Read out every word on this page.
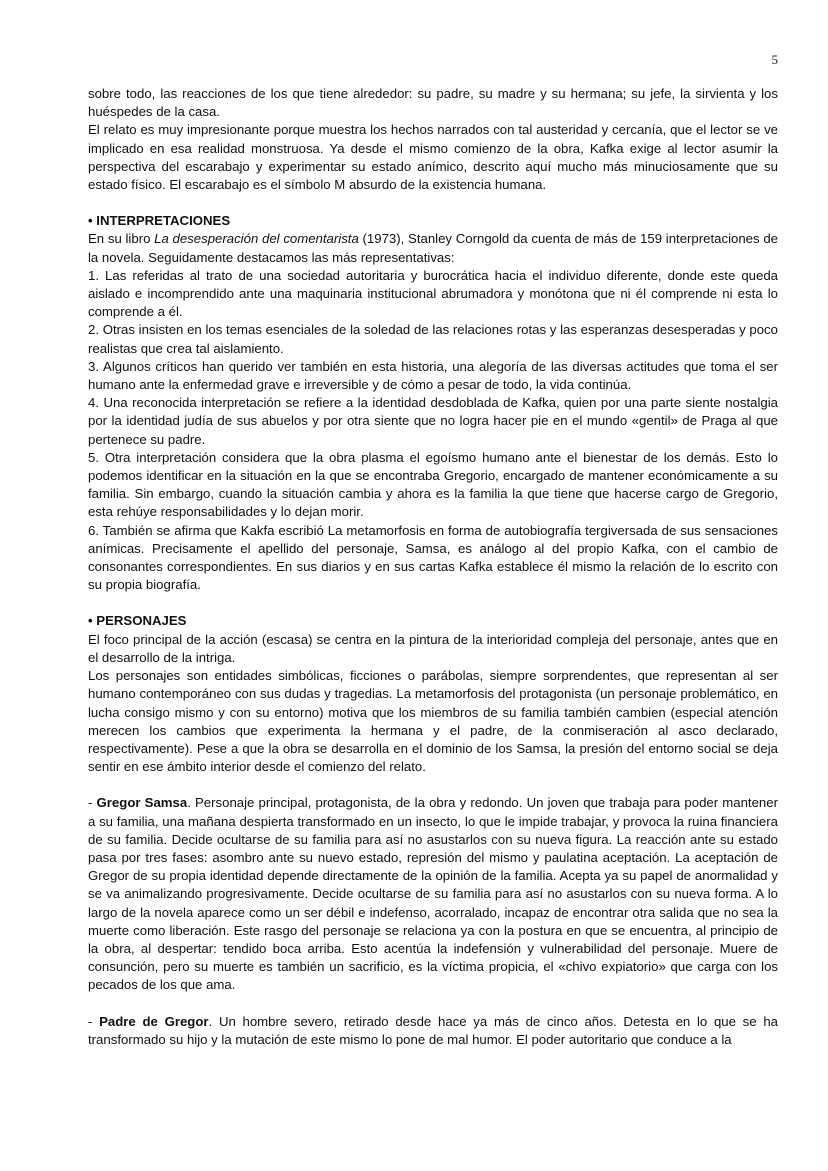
5

sobre todo, las reacciones de los que tiene alrededor: su padre, su madre y su hermana; su jefe, la sirvienta y los huéspedes de la casa.

El relato es muy impresionante porque muestra los hechos narrados con tal austeridad y cercanía, que el lector se ve implicado en esa realidad monstruosa. Ya desde el mismo comienzo de la obra, Kafka exige al lector asumir la perspectiva del escarabajo y experimentar su estado anímico, descrito aquí mucho más minuciosamente que su estado físico. El escarabajo es el símbolo M absurdo de la existencia humana.

• INTERPRETACIONES

En su libro La desesperación del comentarista (1973), Stanley Corngold da cuenta de más de 159 interpretaciones de la novela. Seguidamente destacamos las más representativas:

1. Las referidas al trato de una sociedad autoritaria y burocrática hacia el individuo diferente, donde este queda aislado e incomprendido ante una maquinaria institucional abrumadora y monótona que ni él comprende ni esta lo comprende a él.

2. Otras insisten en los temas esenciales de la soledad de las relaciones rotas y las esperanzas desesperadas y poco realistas que crea tal aislamiento.

3. Algunos críticos han querido ver también en esta historia, una alegoría de las diversas actitudes que toma el ser humano ante la enfermedad grave e irreversible y de cómo a pesar de todo, la vida continúa.

4. Una reconocida interpretación se refiere a la identidad desdoblada de Kafka, quien por una parte siente nostalgia por la identidad judía de sus abuelos y por otra siente que no logra hacer pie en el mundo «gentil» de Praga al que pertenece su padre.

5. Otra interpretación considera que la obra plasma el egoísmo humano ante el bienestar de los demás. Esto lo podemos identificar en la situación en la que se encontraba Gregorio, encargado de mantener económicamente a su familia. Sin embargo, cuando la situación cambia y ahora es la familia la que tiene que hacerse cargo de Gregorio, esta rehúye responsabilidades y lo dejan morir.

6. También se afirma que Kakfa escribió La metamorfosis en forma de autobiografía tergiversada de sus sensaciones anímicas. Precisamente el apellido del personaje, Samsa, es análogo al del propio Kafka, con el cambio de consonantes correspondientes. En sus diarios y en sus cartas Kafka establece él mismo la relación de lo escrito con su propia biografía.

• PERSONAJES

El foco principal de la acción (escasa) se centra en la pintura de la interioridad compleja del personaje, antes que en el desarrollo de la intriga.

Los personajes son entidades simbólicas, ficciones o parábolas, siempre sorprendentes, que representan al ser humano contemporáneo con sus dudas y tragedias. La metamorfosis del protagonista (un personaje problemático, en lucha consigo mismo y con su entorno) motiva que los miembros de su familia también cambien (especial atención merecen los cambios que experimenta la hermana y el padre, de la conmiseración al asco declarado, respectivamente). Pese a que la obra se desarrolla en el dominio de los Samsa, la presión del entorno social se deja sentir en ese ámbito interior desde el comienzo del relato.

- Gregor Samsa. Personaje principal, protagonista, de la obra y redondo. Un joven que trabaja para poder mantener a su familia, una mañana despierta transformado en un insecto, lo que le impide trabajar, y provoca la ruina financiera de su familia. Decide ocultarse de su familia para así no asustarlos con su nueva figura. La reacción ante su estado pasa por tres fases: asombro ante su nuevo estado, represión del mismo y paulatina aceptación. La aceptación de Gregor de su propia identidad depende directamente de la opinión de la familia. Acepta ya su papel de anormalidad y se va animalizando progresivamente. Decide ocultarse de su familia para así no asustarlos con su nueva forma. A lo largo de la novela aparece como un ser débil e indefenso, acorralado, incapaz de encontrar otra salida que no sea la muerte como liberación. Este rasgo del personaje se relaciona ya con la postura en que se encuentra, al principio de la obra, al despertar: tendido boca arriba. Esto acentúa la indefensión y vulnerabilidad del personaje. Muere de consunción, pero su muerte es también un sacrificio, es la víctima propicia, el «chivo expiatorio» que carga con los pecados de los que ama.

- Padre de Gregor. Un hombre severo, retirado desde hace ya más de cinco años. Detesta en lo que se ha transformado su hijo y la mutación de este mismo lo pone de mal humor. El poder autoritario que conduce a la
